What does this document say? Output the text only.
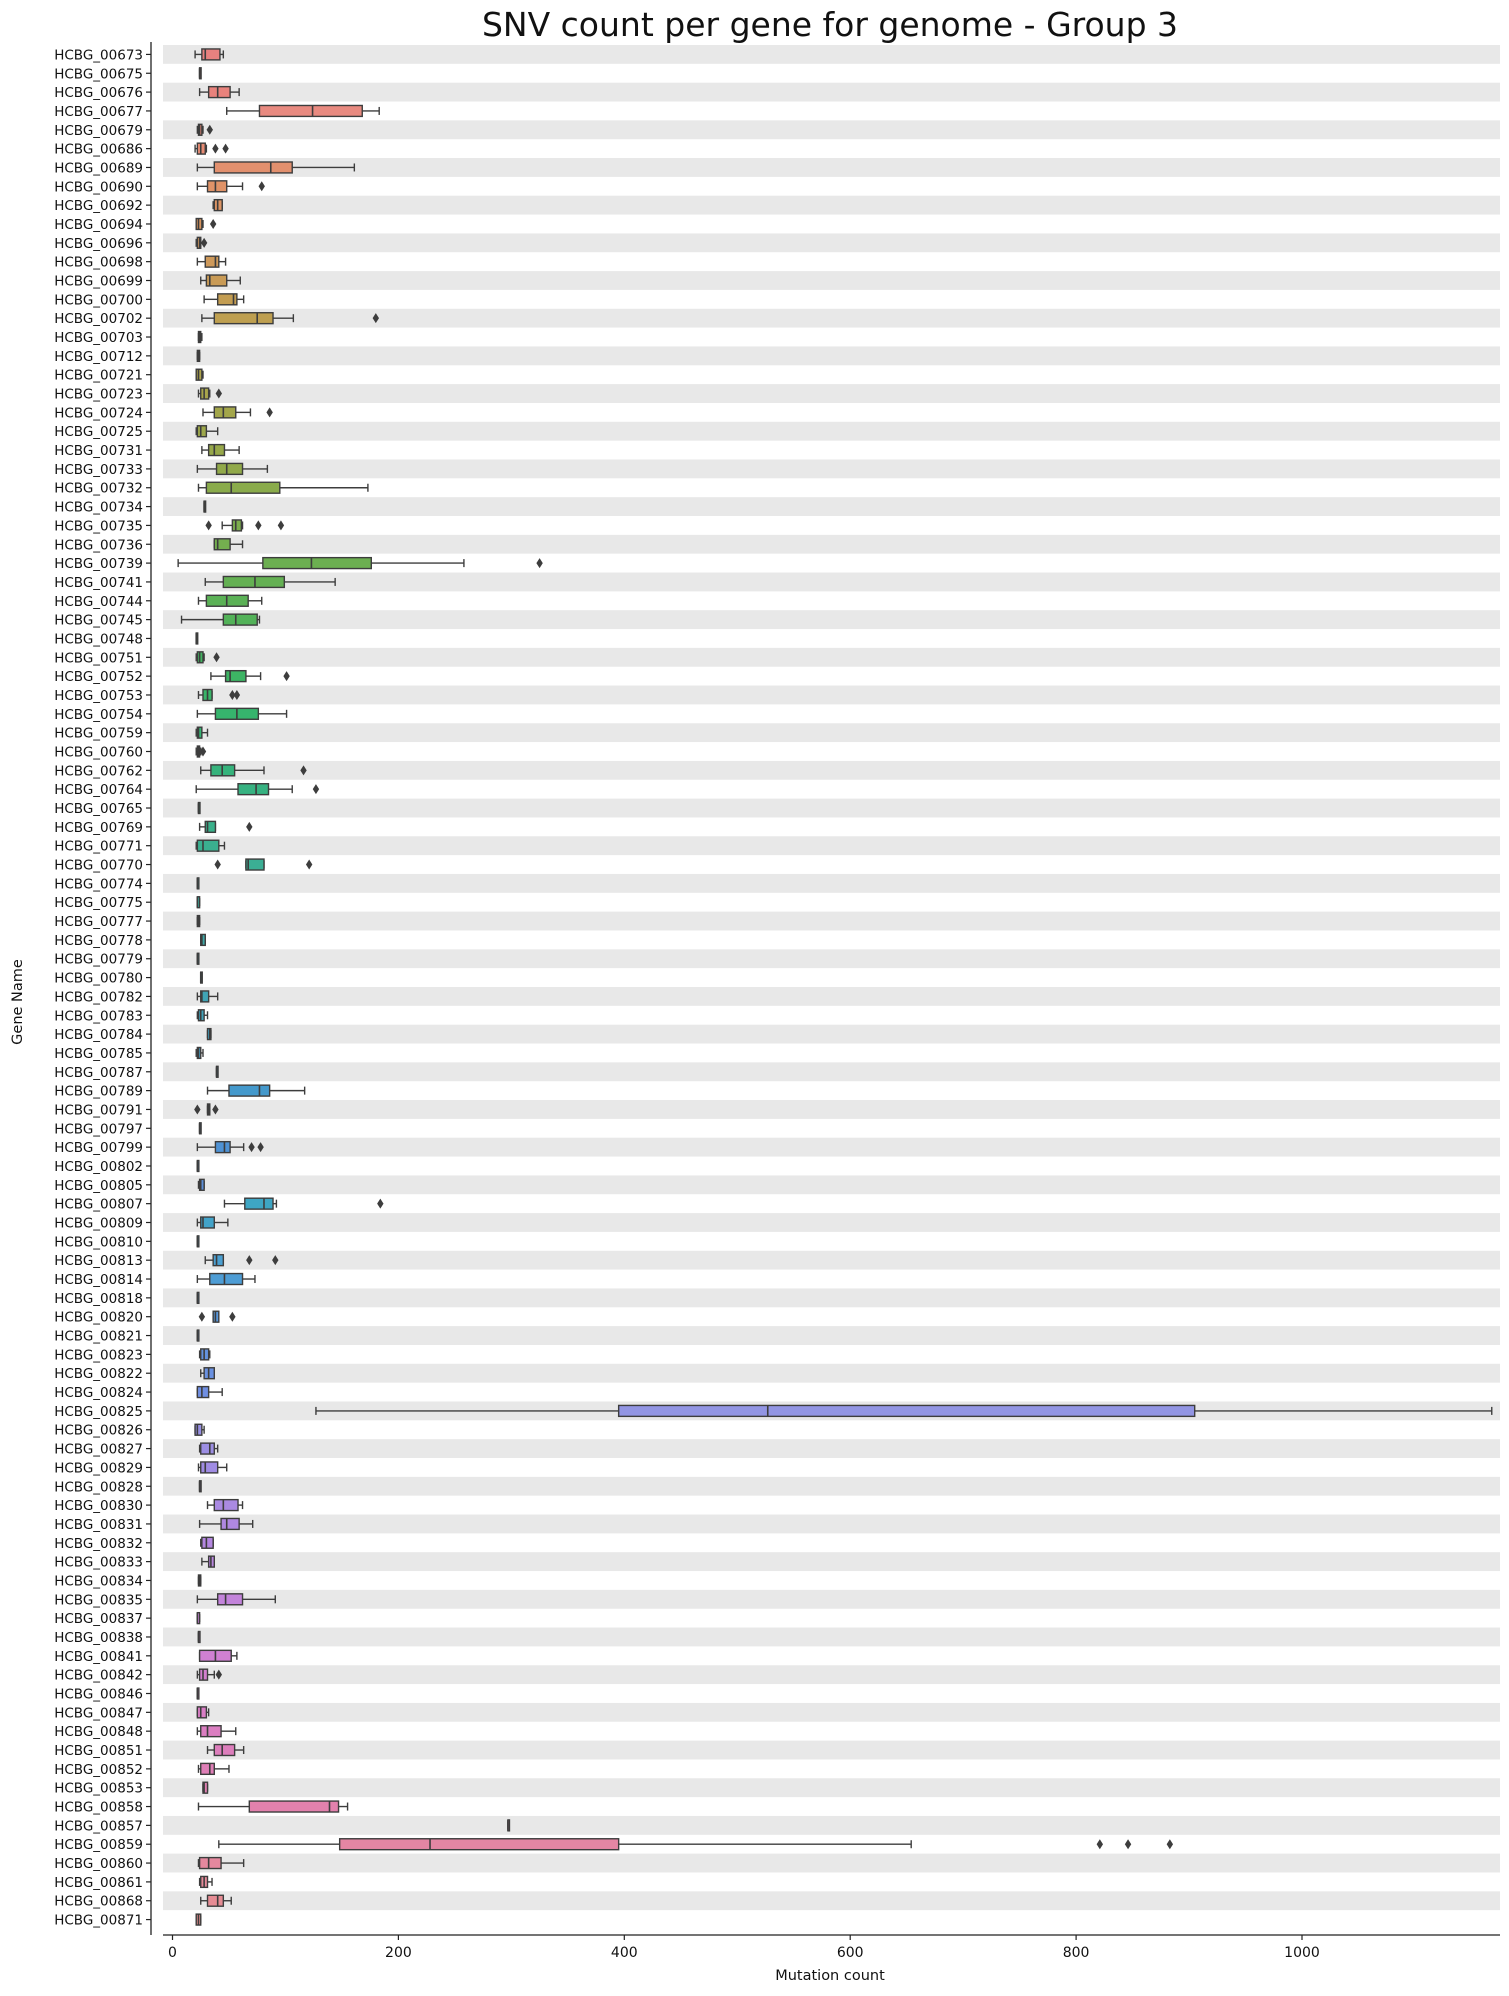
SNV count per gene for genome - Group 3
HCBG_00673
HCBG_00675
HCBG_00676
HCBG_00677
HCBG_00679
HCBG_00686
HCBG_00689
HCBG_00690
HCBG_00692
HCBG_00694
HCBG_00696
HCBG_00698
HCBG_00699
HCBG_00700
HCBG_00702
HCBG_00703
HCBG_00712
HCBG_00721
HCBG_00723
HCBG_00724
HCBG_00725
HCBG_00731
HCBG_00733
HCBG_00732
HCBG_00734
HCBG_00735
HCBG_00736
HCBG_00739
HCBG_00741
HCBG_00744
HCBG_00745
HCBG_00748
HCBG_00751
HCBG_00752
HCBG_00753
HCBG_00754
HCBG_00759
HCBG_00760
HCBG_00762
HCBG_00764
HCBG_00765
HCBG_00769
HCBG_00771
HCBG_00770
HCBG_00774
HCBG_00775
HCBG_00777
HCBG_00778
HCBG_00779
HCBG_00780
HCBG_00782
HCBG_00783
HCBG_00784
HCBG_00785
HCBG_00787
HCBG_00789
HCBG_00791
HCBG_00797
HCBG_00799
HCBG_00802
HCBG_00805
HCBG_00807
HCBG_00809
HCBG_00810
HCBG_00813
HCBG_00814
HCBG_00818
HCBG_00820
HCBG_00821
HCBG_00823
HCBG_00822
HCBG_00824
HCBG_00825
HCBG_00826
HCBG_00827
HCBG_00829
HCBG_00828
HCBG_00830
HCBG_00831
HCBG_00832
HCBG_00833
HCBG_00834
HCBG_00835
HCBG_00837
HCBG_00838
HCBG_00841
HCBG_00842
HCBG_00846
HCBG_00847
HCBG_00848
HCBG_00851
HCBG_00852
HCBG_00853
HCBG_00858
HCBG_00857
HCBG_00859
HCBG_00860
HCBG_00861
HCBG_00868
HCBG_00871
0	200	400	600	800	1000
Mutation count
Gene Name
